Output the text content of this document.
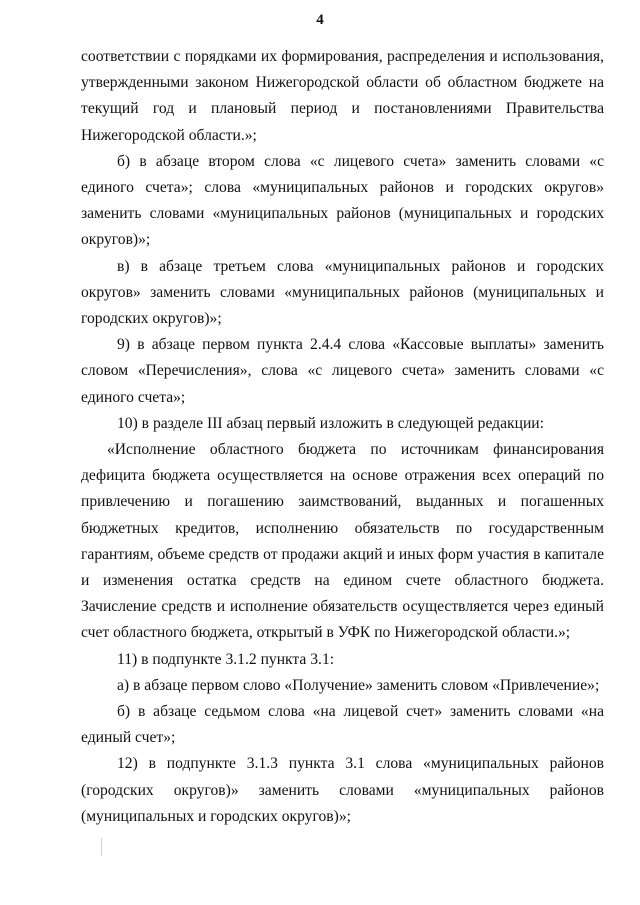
4

соответствии с порядками их формирования, распределения и использования, утвержденными законом Нижегородской области об областном бюджете на текущий год и плановый период и постановлениями Правительства Нижегородской области.»;

б) в абзаце втором слова «с лицевого счета» заменить словами «с единого счета»; слова «муниципальных районов и городских округов» заменить словами «муниципальных районов (муниципальных и городских округов)»;

в) в абзаце третьем слова «муниципальных районов и городских округов» заменить словами «муниципальных районов (муниципальных и городских округов)»;

9) в абзаце первом пункта 2.4.4 слова «Кассовые выплаты» заменить словом «Перечисления», слова «с лицевого счета» заменить словами «с единого счета»;

10) в разделе III абзац первый изложить в следующей редакции:

«Исполнение областного бюджета по источникам финансирования дефицита бюджета осуществляется на основе отражения всех операций по привлечению и погашению заимствований, выданных и погашенных бюджетных кредитов, исполнению обязательств по государственным гарантиям, объеме средств от продажи акций и иных форм участия в капитале и изменения остатка средств на едином счете областного бюджета. Зачисление средств и исполнение обязательств осуществляется через единый счет областного бюджета, открытый в УФК по Нижегородской области.»;

11) в подпункте 3.1.2 пункта 3.1:

а) в абзаце первом слово «Получение» заменить словом «Привлечение»;

б) в абзаце седьмом слова «на лицевой счет» заменить словами «на единый счет»;

12) в подпункте 3.1.3 пункта 3.1 слова «муниципальных районов (городских округов)» заменить словами «муниципальных районов (муниципальных и городских округов)»;
